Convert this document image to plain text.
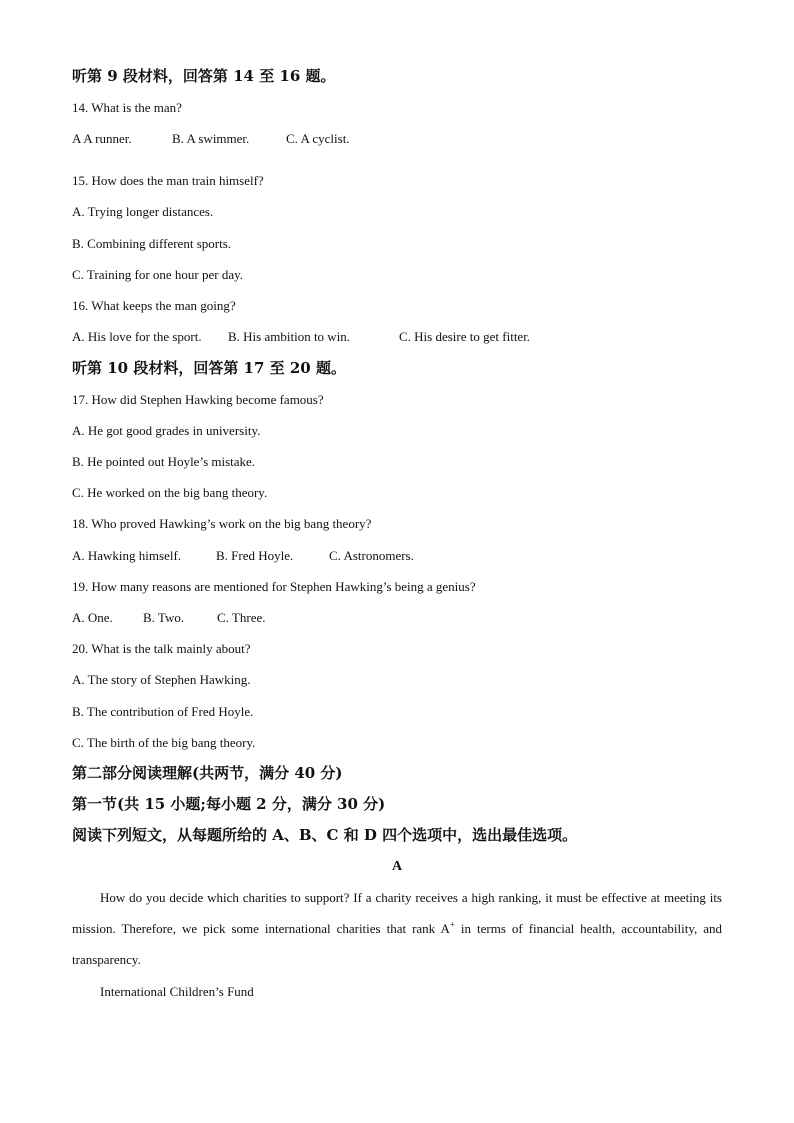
听第 9 段材料，回答第 14 至 16 题。
14. What is the man?
A A runner.	B. A swimmer.	C. A cyclist.
15. How does the man train himself?
A. Trying longer distances.
B. Combining different sports.
C. Training for one hour per day.
16. What keeps the man going?
A. His love for the sport. B. His ambition to win.	C. His desire to get fitter.
听第 10 段材料，回答第 17 至 20 题。
17. How did Stephen Hawking become famous?
A. He got good grades in university.
B. He pointed out Hoyle’s mistake.
C. He worked on the big bang theory.
18. Who proved Hawking’s work on the big bang theory?
A. Hawking himself.	B. Fred Hoyle.	C. Astronomers.
19. How many reasons are mentioned for Stephen Hawking’s being a genius?
A. One. B. Two.	C. Three.
20. What is the talk mainly about?
A. The story of Stephen Hawking.
B. The contribution of Fred Hoyle.
C. The birth of the big bang theory.
第二部分阅读理解(共两节，满分 40 分)
第一节(共 15 小题;每小题 2 分，满分 30 分)
阅读下列短文，从每题所给的 A、B、C 和 D 四个选项中，选出最佳选项。
A
How do you decide which charities to support? If a charity receives a high ranking, it must be effective at meeting its mission. Therefore, we pick some international charities that rank A+ in terms of financial health, accountability, and transparency.
International Children’s Fund
